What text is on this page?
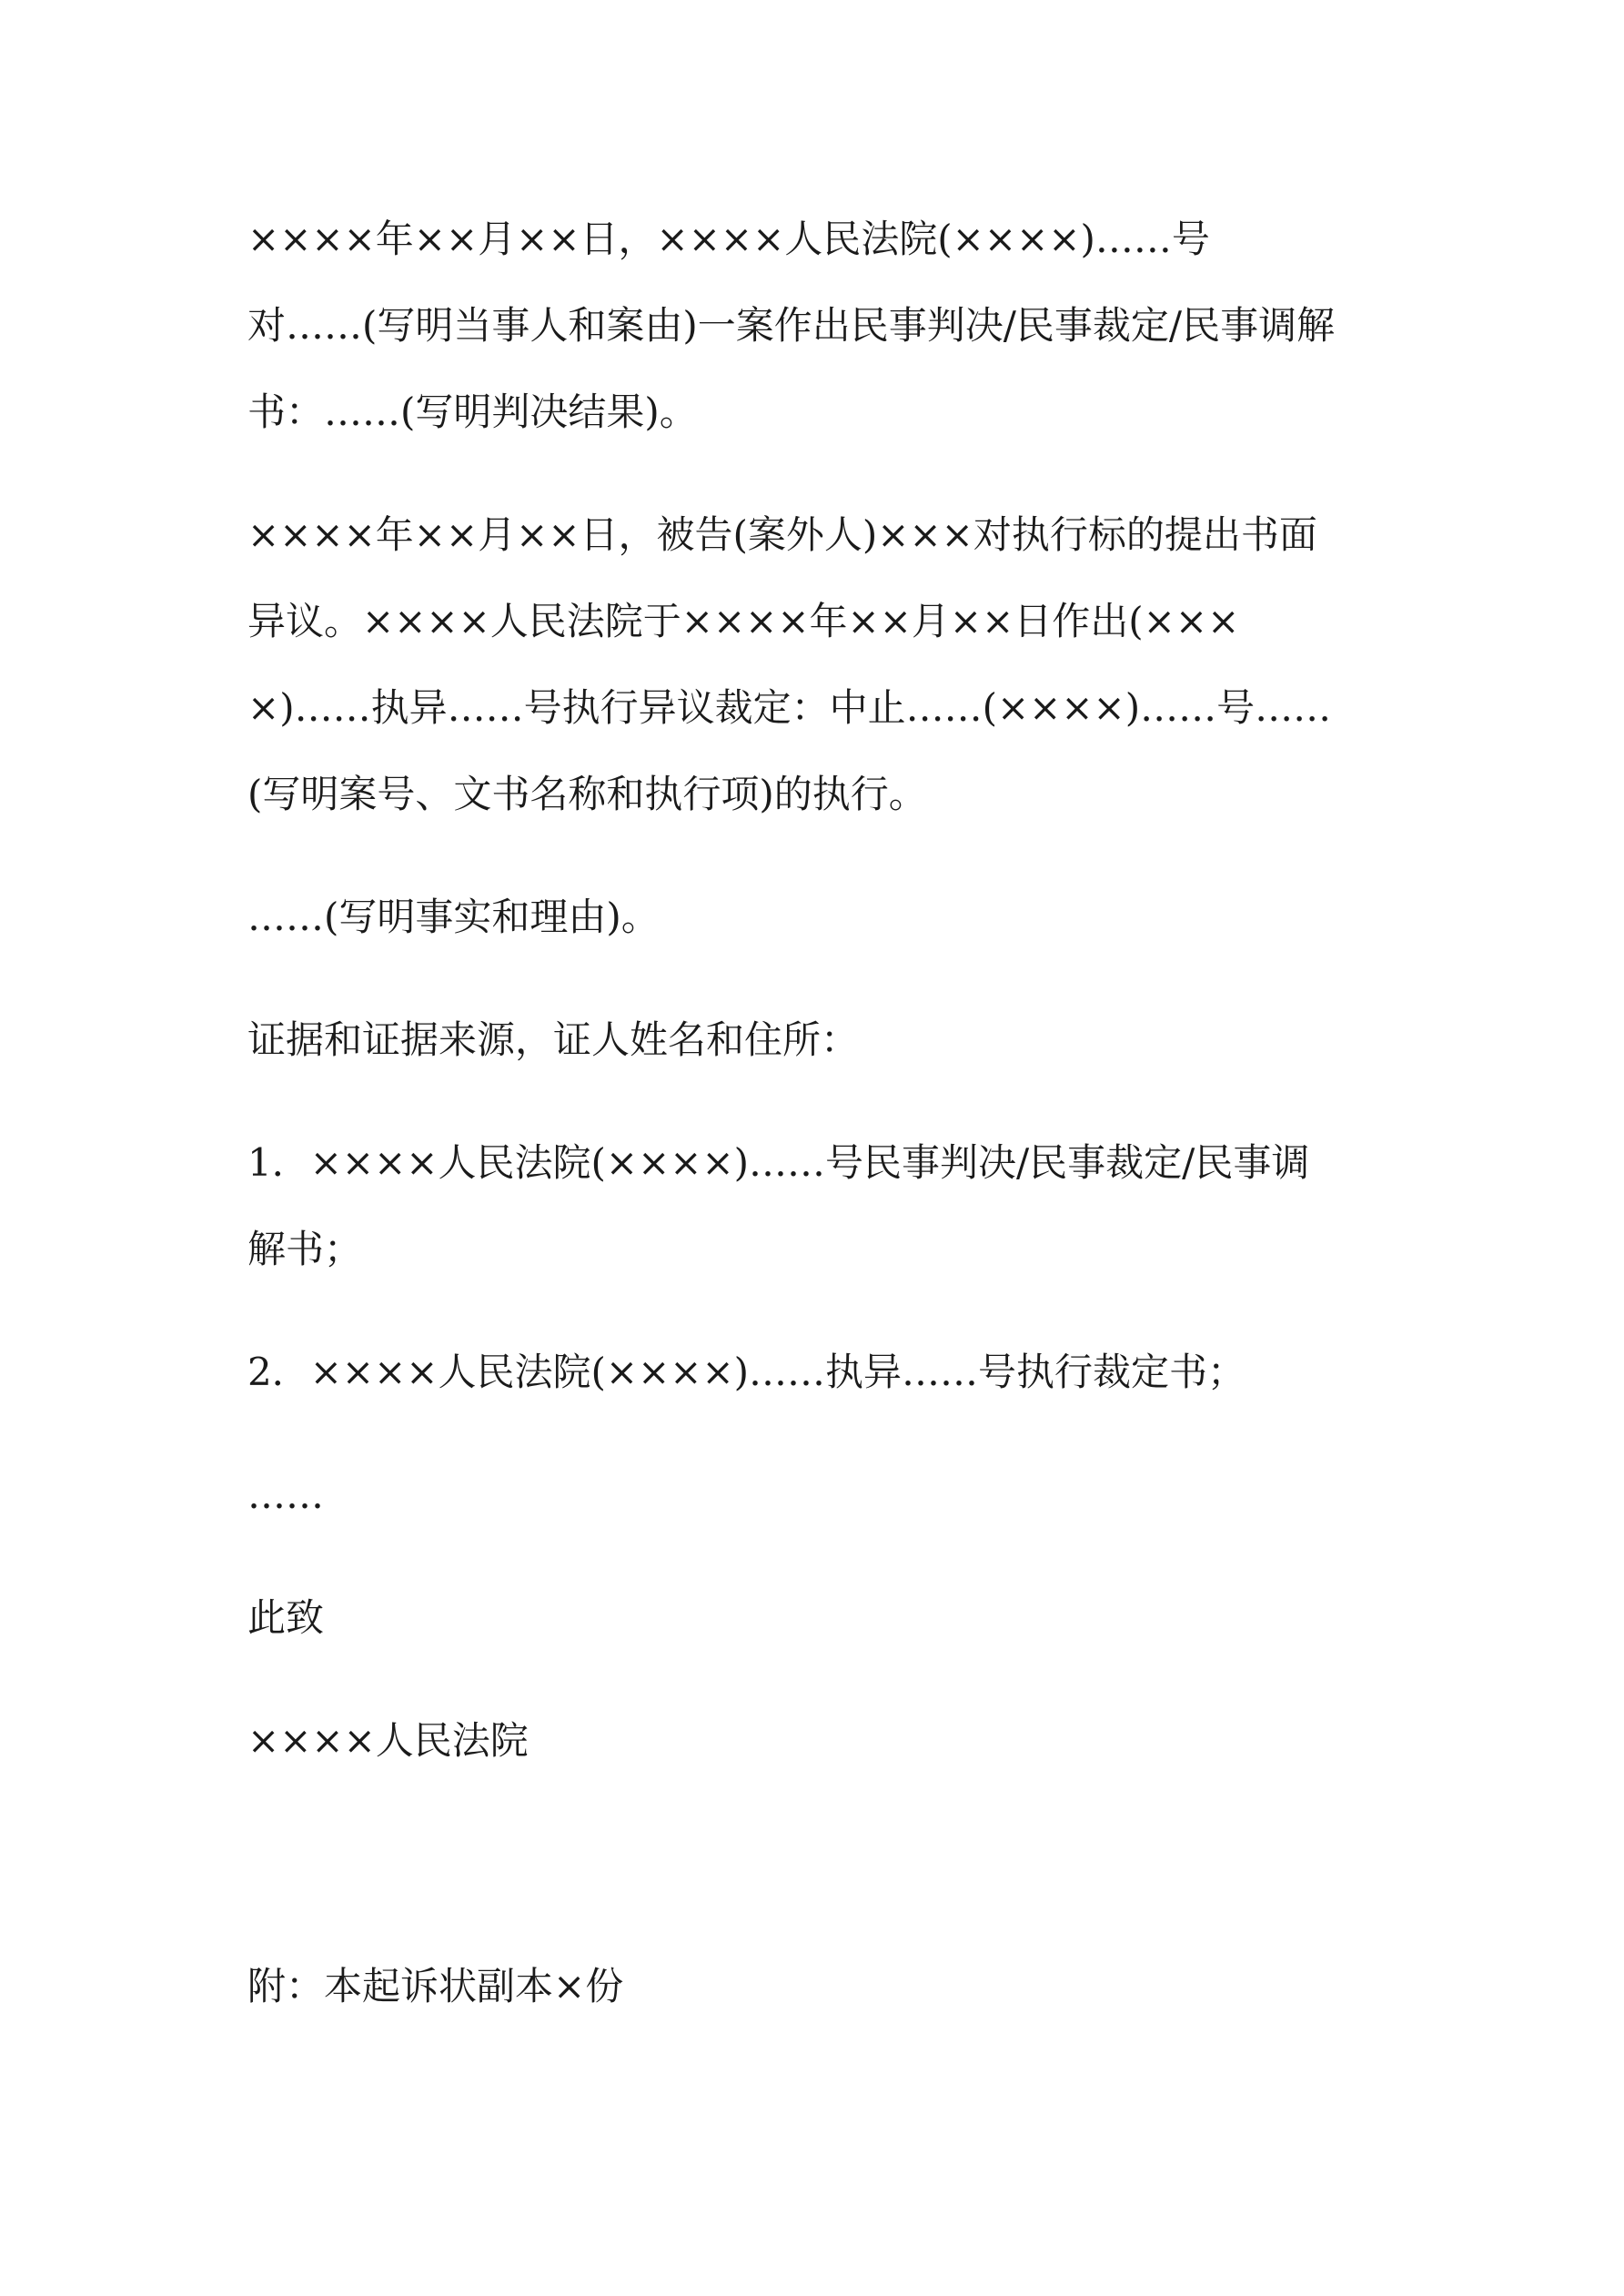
××××年××月××日，××××人民法院(××××)……号
对……(写明当事人和案由)一案作出民事判决/民事裁定/民事调解
书：……(写明判决结果)。
××××年××月××日，被告(案外人)×××对执行标的提出书面
异议。××××人民法院于××××年××月××日作出(×××
×)……执异……号执行异议裁定：中止……(××××)……号……
(写明案号、文书名称和执行项)的执行。
……(写明事实和理由)。
证据和证据来源，证人姓名和住所：
1．××××人民法院(××××)……号民事判决/民事裁定/民事调
解书；
2．××××人民法院(××××)……执异……号执行裁定书；
……
此致
××××人民法院
附：本起诉状副本×份
